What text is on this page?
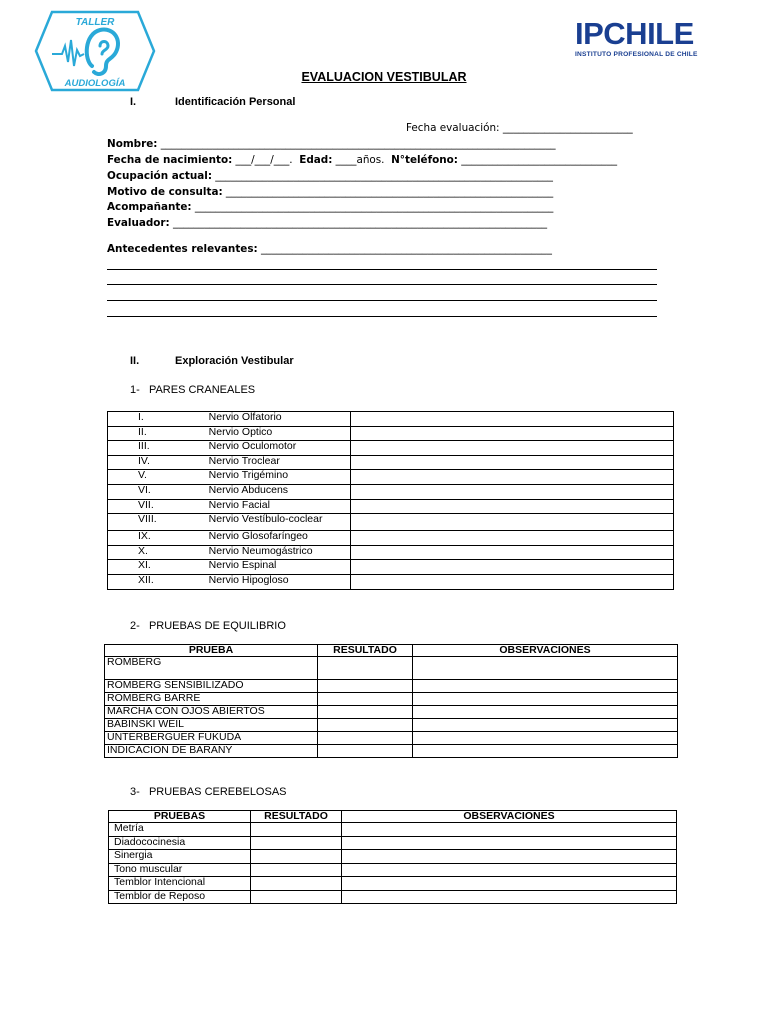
TALLER
AUDIOLOGÍA
IPCHILE
INSTITUTO PROFESIONAL DE CHILE
EVALUACION VESTIBULAR
I.	Identificación Personal
Fecha evaluación: _________________________
Nombre: ____________________________________________________________________________
Fecha de nacimiento: ___/___/___.  Edad: ____años.  N°teléfono: ______________________________
Ocupación actual: _________________________________________________________________
Motivo de consulta: _______________________________________________________________
Acompañante: _____________________________________________________________________
Evaluador: ________________________________________________________________________
Antecedentes relevantes: ________________________________________________________
II.	Exploración Vestibular
1-   PARES CRANEALES
I.	Nervio Olfatorio	
II.	Nervio Optico	
III.	Nervio Oculomotor	
IV.	Nervio Troclear	
V.	Nervio Trigémino	
VI.	Nervio Abducens	
VII.	Nervio Facial	
VIII.	Nervio Vestíbulo-coclear	
IX.	Nervio Glosofaríngeo	
X.	Nervio Neumogástrico	
XI.	Nervio Espinal	
XII.	Nervio Hipogloso	
2-   PRUEBAS DE EQUILIBRIO
PRUEBA	RESULTADO	OBSERVACIONES
ROMBERG		
ROMBERG SENSIBILIZADO		
ROMBERG BARRE		
MARCHA CON OJOS ABIERTOS		
BABINSKI WEIL		
UNTERBERGUER FUKUDA		
INDICACION DE BARANY		
3-   PRUEBAS CEREBELOSAS
PRUEBAS	RESULTADO	OBSERVACIONES
Metría		
Diadococinesia		
Sinergia		
Tono muscular		
Temblor Intencional		
Temblor de Reposo		
